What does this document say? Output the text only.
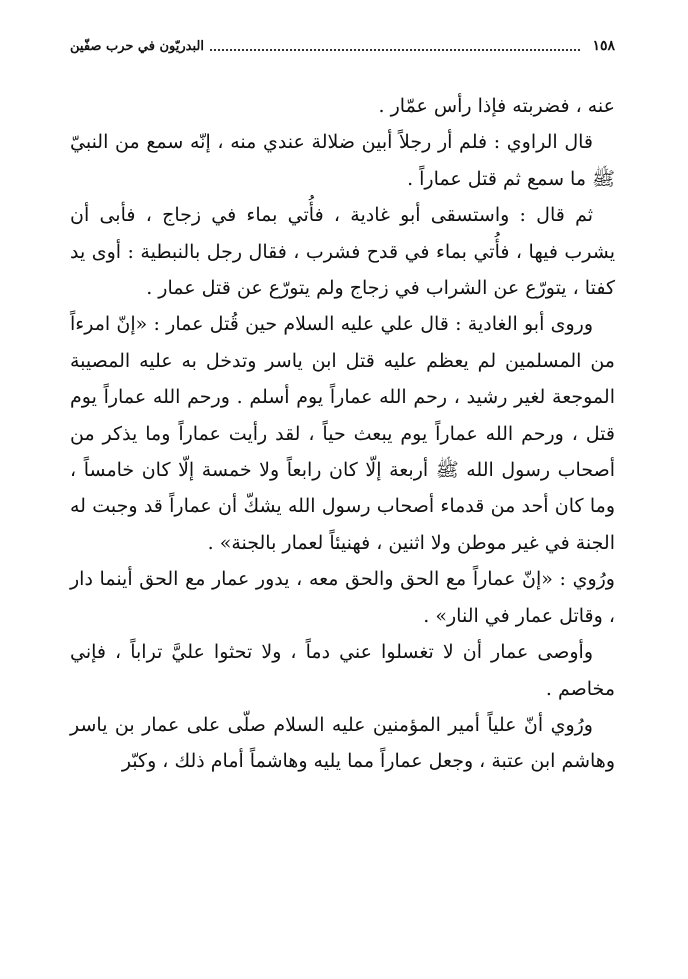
١٥٨
البدريّون في حرب صفّين

عنه ، فضربته فإذا رأس عمّار .

قال الراوي : فلم أر رجلاً أبين ضلالة عندي منه ، إنّه سمع من النبيّ ﷺ ما سمع ثم قتل عماراً .

ثم قال : واستسقى أبو غادية ، فأُتي بماء في زجاج ، فأبى أن يشرب فيها ، فأُتي بماء في قدح فشرب ، فقال رجل بالنبطية : أوى يد كفتا ، يتورّع عن الشراب في زجاج ولم يتورّع عن قتل عمار .

وروى أبو الغادية : قال علي عليه السلام حين قُتل عمار : «إنّ امرءاً من المسلمين لم يعظم عليه قتل ابن ياسر وتدخل به عليه المصيبة الموجعة لغير رشيد ، رحم الله عماراً يوم أسلم . ورحم الله عماراً يوم قتل ، ورحم الله عماراً يوم يبعث حياً ، لقد رأيت عماراً وما يذكر من أصحاب رسول الله ﷺ أربعة إلّا كان رابعاً ولا خمسة إلّا كان خامساً ، وما كان أحد من قدماء أصحاب رسول الله يشكّ أن عماراً قد وجبت له الجنة في غير موطن ولا اثنين ، فهنيئاً لعمار بالجنة» .

ورُوي : «إنّ عماراً مع الحق والحق معه ، يدور عمار مع الحق أينما دار ، وقاتل عمار في النار» .

وأوصى عمار أن لا تغسلوا عني دماً ، ولا تحثوا عليَّ تراباً ، فإني مخاصم .

ورُوي أنّ علياً أمير المؤمنين عليه السلام صلّى على عمار بن ياسر وهاشم ابن عتبة ، وجعل عماراً مما يليه وهاشماً أمام ذلك ، وكبّر
